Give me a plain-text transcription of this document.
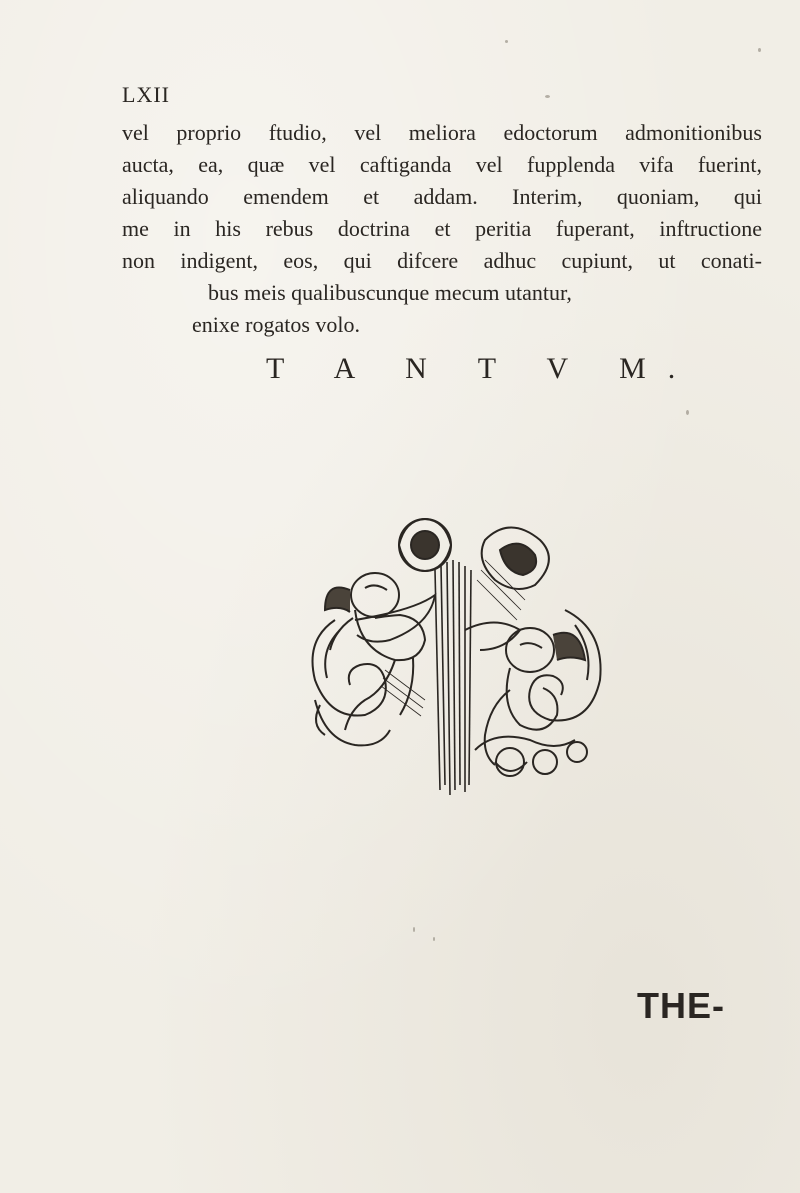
LXII
vel proprio ftudio, vel meliora edoctorum admonitionibus
aucta, ea, quæ vel caftiganda vel fupplenda vifa fuerint,
aliquando emendem et addam. Interim, quoniam, qui
me in his rebus doctrina et peritia fuperant, inftructione
non indigent, eos, qui difcere adhuc cupiunt, ut conati-
bus meis qualibuscunque mecum utantur,
enixe rogatos volo.
T A N T V M.
THE-
